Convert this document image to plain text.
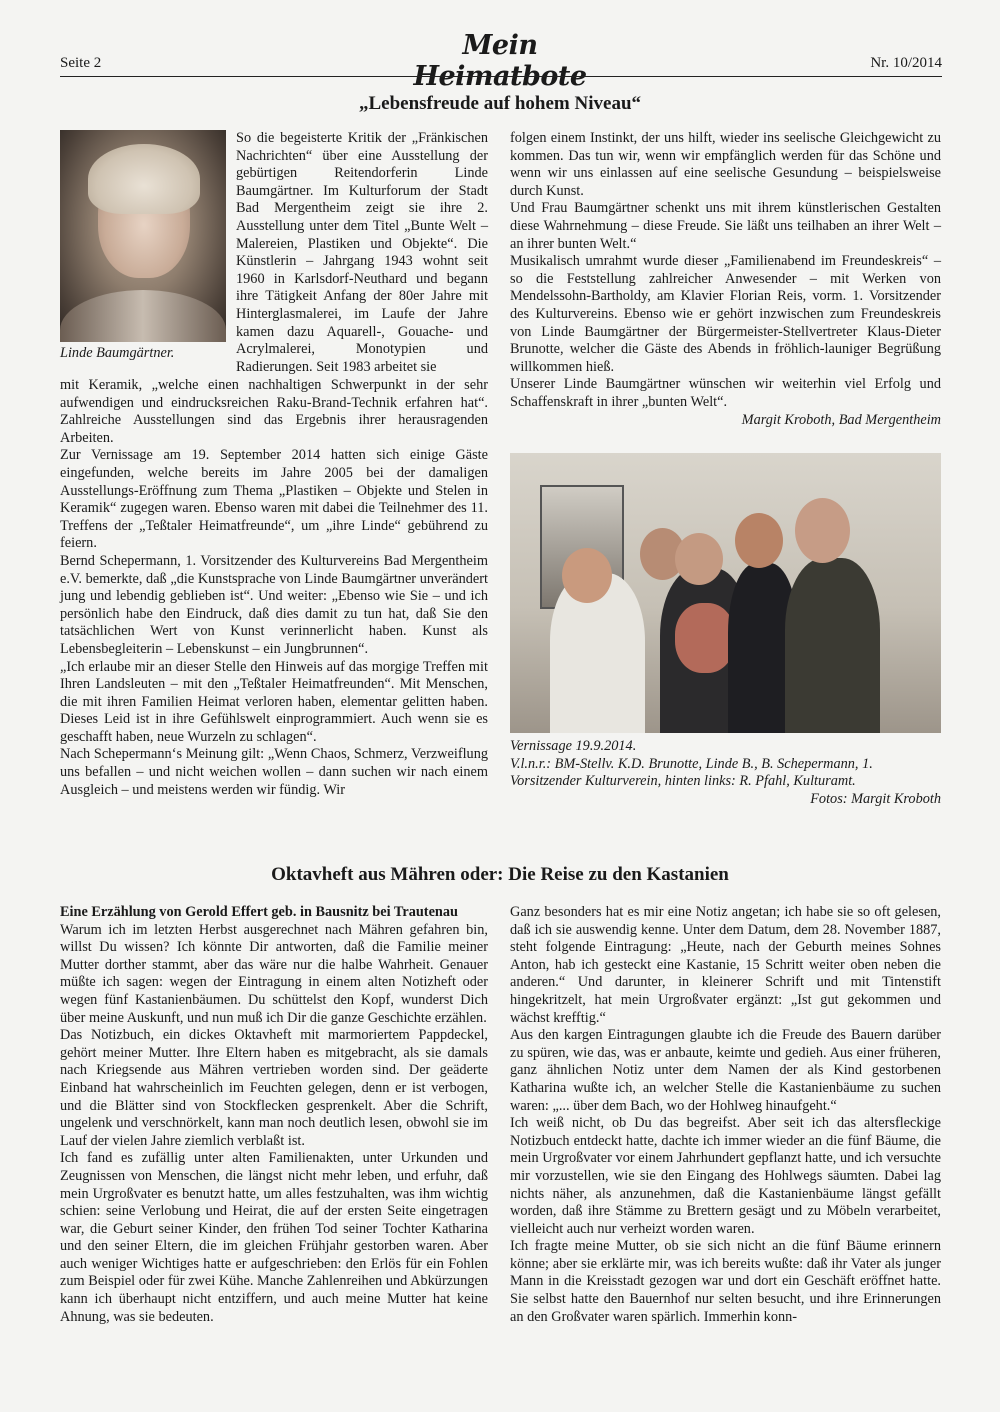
Seite 2
Mein Heimatbote	Nr. 10/2014
„Lebensfreude auf hohem Niveau“
Linde Baumgärtner.

So die begeisterte Kritik der „Fränkischen Nachrichten“ über eine Ausstellung der gebürtigen Reitendorferin Linde Baumgärtner. Im Kulturforum der Stadt Bad Mergentheim zeigt sie ihre 2. Ausstellung unter dem Titel „Bunte Welt – Malereien, Plastiken und Objekte“. Die Künstlerin – Jahrgang 1943 wohnt seit 1960 in Karlsdorf-Neuthard und begann ihre Tätigkeit Anfang der 80er Jahre mit Hinterglasmalerei, im Laufe der Jahre kamen dazu Aquarell-, Gouache- und Acrylmalerei, Monotypien und Radierungen. Seit 1983 arbeitet sie

mit Keramik, „welche einen nachhaltigen Schwerpunkt in der sehr aufwendigen und eindrucksreichen Raku-Brand-Technik erfahren hat“. Zahlreiche Ausstellungen sind das Ergebnis ihrer herausragenden Arbeiten.

Zur Vernissage am 19. September 2014 hatten sich einige Gäste eingefunden, welche bereits im Jahre 2005 bei der damaligen Ausstellungs-Eröffnung zum Thema „Plastiken – Objekte und Stelen in Keramik“ zugegen waren. Ebenso waren mit dabei die Teilnehmer des 11. Treffens der „Teßtaler Heimatfreunde“, um „ihre Linde“ gebührend zu feiern.

Bernd Schepermann, 1. Vorsitzender des Kulturvereins Bad Mergentheim e.V. bemerkte, daß „die Kunstsprache von Linde Baumgärtner unverändert jung und lebendig geblieben ist“. Und weiter: „Ebenso wie Sie – und ich persönlich habe den Eindruck, daß dies damit zu tun hat, daß Sie den tatsächlichen Wert von Kunst verinnerlicht haben. Kunst als Lebensbegleiterin – Lebenskunst – ein Jungbrunnen“.

„Ich erlaube mir an dieser Stelle den Hinweis auf das morgige Treffen mit Ihren Landsleuten – mit den „Teßtaler Heimatfreunden“. Mit Menschen, die mit ihren Familien Heimat verloren haben, elementar gelitten haben. Dieses Leid ist in ihre Gefühlswelt einprogrammiert. Auch wenn sie es geschafft haben, neue Wurzeln zu schlagen“.

Nach Schepermann‘s Meinung gilt: „Wenn Chaos, Schmerz, Verzweiflung uns befallen – und nicht weichen wollen – dann suchen wir nach einem Ausgleich – und meistens werden wir fündig. Wir

folgen einem Instinkt, der uns hilft, wieder ins seelische Gleichgewicht zu kommen. Das tun wir, wenn wir empfänglich werden für das Schöne und wenn wir uns einlassen auf eine seelische Gesundung – beispielsweise durch Kunst.

Und Frau Baumgärtner schenkt uns mit ihrem künstlerischen Gestalten diese Wahrnehmung – diese Freude. Sie läßt uns teilhaben an ihrer Welt – an ihrer bunten Welt.“

Musikalisch umrahmt wurde dieser „Familienabend im Freundeskreis“ – so die Feststellung zahlreicher Anwesender – mit Werken von Mendelssohn-Bartholdy, am Klavier Florian Reis, vorm. 1. Vorsitzender des Kulturvereins. Ebenso wie er gehört inzwischen zum Freundeskreis von Linde Baumgärtner der Bürgermeister-Stellvertreter Klaus-Dieter Brunotte, welcher die Gäste des Abends in fröhlich-launiger Begrüßung willkommen hieß.

Unserer Linde Baumgärtner wünschen wir weiterhin viel Erfolg und Schaffenskraft in ihrer „bunten Welt“.

Margit Kroboth, Bad Mergentheim

Vernissage 19.9.2014.
V.l.n.r.: BM-Stellv. K.D. Brunotte, Linde B., B. Schepermann, 1. Vorsitzender Kulturverein, hinten links: R. Pfahl, Kulturamt.
Fotos: Margit Kroboth
Oktavheft aus Mähren oder: Die Reise zu den Kastanien

Eine Erzählung von Gerold Effert geb. in Bausnitz bei Trautenau

Warum ich im letzten Herbst ausgerechnet nach Mähren gefahren bin, willst Du wissen? Ich könnte Dir antworten, daß die Familie meiner Mutter dorther stammt, aber das wäre nur die halbe Wahrheit. Genauer müßte ich sagen: wegen der Eintragung in einem alten Notizheft oder wegen fünf Kastanienbäumen. Du schüttelst den Kopf, wunderst Dich über meine Auskunft, und nun muß ich Dir die ganze Geschichte erzählen.

Das Notizbuch, ein dickes Oktavheft mit marmoriertem Pappdeckel, gehört meiner Mutter. Ihre Eltern haben es mitgebracht, als sie damals nach Kriegsende aus Mähren vertrieben worden sind. Der geäderte Einband hat wahrscheinlich im Feuchten gelegen, denn er ist verbogen, und die Blätter sind von Stockflecken gesprenkelt. Aber die Schrift, ungelenk und verschnörkelt, kann man noch deutlich lesen, obwohl sie im Lauf der vielen Jahre ziemlich verblaßt ist.

Ich fand es zufällig unter alten Familienakten, unter Urkunden und Zeugnissen von Menschen, die längst nicht mehr leben, und erfuhr, daß mein Urgroßvater es benutzt hatte, um alles festzuhalten, was ihm wichtig schien: seine Verlobung und Heirat, die auf der ersten Seite eingetragen war, die Geburt seiner Kinder, den frühen Tod seiner Tochter Katharina und den seiner Eltern, die im gleichen Frühjahr gestorben waren. Aber auch weniger Wichtiges hatte er aufgeschrieben: den Erlös für ein Fohlen zum Beispiel oder für zwei Kühe. Manche Zahlenreihen und Abkürzungen kann ich überhaupt nicht entziffern, und auch meine Mutter hat keine Ahnung, was sie bedeuten.

Ganz besonders hat es mir eine Notiz angetan; ich habe sie so oft gelesen, daß ich sie auswendig kenne. Unter dem Datum, dem 28. November 1887, steht folgende Eintragung: „Heute, nach der Geburth meines Sohnes Anton, hab ich gesteckt eine Kastanie, 15 Schritt weiter oben neben die anderen.“ Und darunter, in kleinerer Schrift und mit Tintenstift hingekritzelt, hat mein Urgroßvater ergänzt: „Ist gut gekommen und wächst krefftig.“

Aus den kargen Eintragungen glaubte ich die Freude des Bauern darüber zu spüren, wie das, was er anbaute, keimte und gedieh. Aus einer früheren, ganz ähnlichen Notiz unter dem Namen der als Kind gestorbenen Katharina wußte ich, an welcher Stelle die Kastanienbäume zu suchen waren: „... über dem Bach, wo der Hohlweg hinaufgeht.“

Ich weiß nicht, ob Du das begreifst. Aber seit ich das altersfleckige Notizbuch entdeckt hatte, dachte ich immer wieder an die fünf Bäume, die mein Urgroßvater vor einem Jahrhundert gepflanzt hatte, und ich versuchte mir vorzustellen, wie sie den Eingang des Hohlwegs säumten. Dabei lag nichts näher, als anzunehmen, daß die Kastanienbäume längst gefällt worden, daß ihre Stämme zu Brettern gesägt und zu Möbeln verarbeitet, vielleicht auch nur verheizt worden waren.

Ich fragte meine Mutter, ob sie sich nicht an die fünf Bäume erinnern könne; aber sie erklärte mir, was ich bereits wußte: daß ihr Vater als junger Mann in die Kreisstadt gezogen war und dort ein Geschäft eröffnet hatte. Sie selbst hatte den Bauernhof nur selten besucht, und ihre Erinnerungen an den Großvater waren spärlich. Immerhin konn-
